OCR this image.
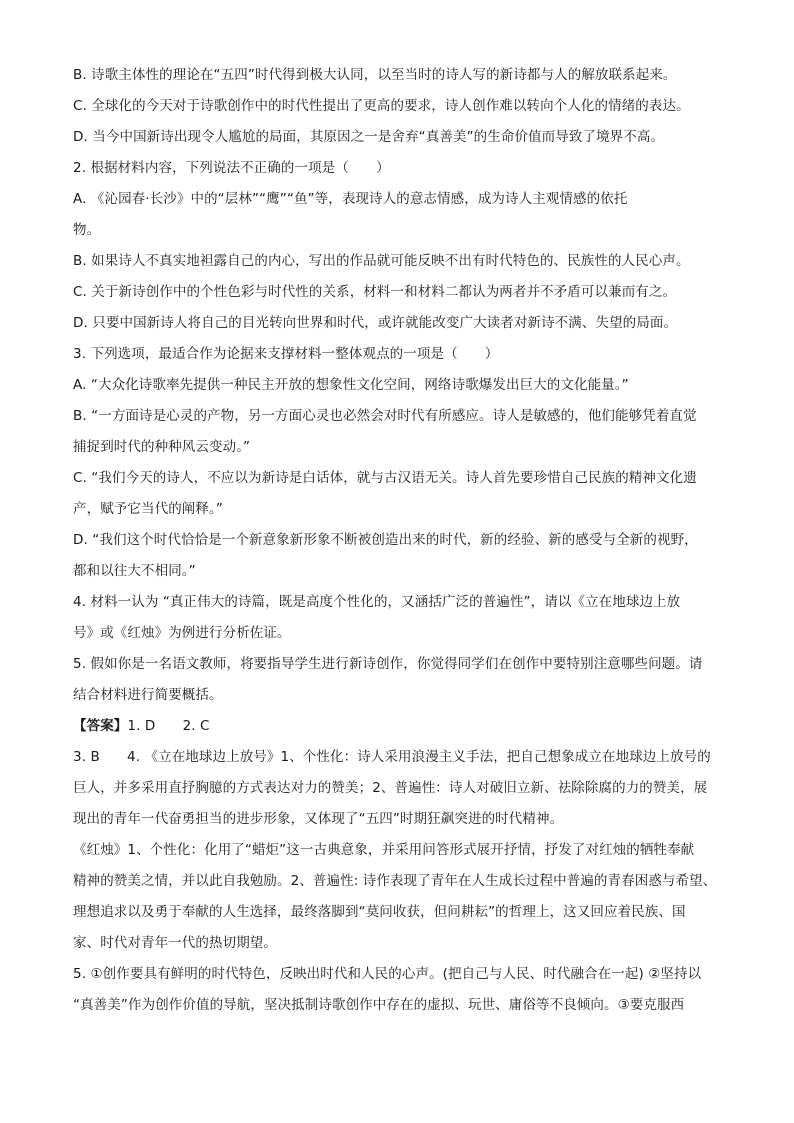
B. 诗歌主体性的理论在“五四”时代得到极大认同，以至当时的诗人写的新诗都与人的解放联系起来。
C. 全球化的今天对于诗歌创作中的时代性提出了更高的要求，诗人创作难以转向个人化的情绪的表达。
D. 当今中国新诗出现令人尴尬的局面，其原因之一是舍弃“真善美”的生命价值而导致了境界不高。
2. 根据材料内容，下列说法不正确的一项是（　　）
A. 《沁园春·长沙》中的“层林”“鹰”“鱼”等，表现诗人的意志情感，成为诗人主观情感的依托
物。
B. 如果诗人不真实地袒露自己的内心，写出的作品就可能反映不出有时代特色的、民族性的人民心声。
C. 关于新诗创作中的个性色彩与时代性的关系，材料一和材料二都认为两者并不矛盾可以兼而有之。
D. 只要中国新诗人将自己的目光转向世界和时代，或许就能改变广大读者对新诗不满、失望的局面。
3. 下列选项，最适合作为论据来支撑材料一整体观点的一项是（　　）
A. “大众化诗歌率先提供一种民主开放的想象性文化空间，网络诗歌爆发出巨大的文化能量。”
B. “一方面诗是心灵的产物，另一方面心灵也必然会对时代有所感应。诗人是敏感的，他们能够凭着直觉
捕捉到时代的种种风云变动。”
C. “我们今天的诗人，不应以为新诗是白话体，就与古汉语无关。诗人首先要珍惜自己民族的精神文化遗
产，赋予它当代的阐释。”
D. “我们这个时代恰恰是一个新意象新形象不断被创造出来的时代，新的经验、新的感受与全新的视野，
都和以往大不相同。”
4. 材料一认为 “真正伟大的诗篇，既是高度个性化的，又涵括广泛的普遍性”，请以《立在地球边上放
号》或《红烛》为例进行分析佐证。
5. 假如你是一名语文教师，将要指导学生进行新诗创作，你觉得同学们在创作中要特别注意哪些问题。请
结合材料进行简要概括。
【答案】1. D　　2. C
3. B　　4. 《立在地球边上放号》1、个性化：诗人采用浪漫主义手法，把自己想象成立在地球边上放号的
巨人，并多采用直抒胸臆的方式表达对力的赞美；2、普遍性：诗人对破旧立新、祛除除腐的力的赞美，展
现出的青年一代奋勇担当的进步形象，又体现了“五四”时期狂飙突进的时代精神。
《红烛》1、个性化：化用了“蜡炬”这一古典意象，并采用问答形式展开抒情，抒发了对红烛的牺牲奉献
精神的赞美之情，并以此自我勉励。2、普遍性: 诗作表现了青年在人生成长过程中普遍的青春困惑与希望、
理想追求以及勇于奉献的人生选择，最终落脚到“莫问收获，但问耕耘”的哲理上，这又回应着民族、国
家、时代对青年一代的热切期望。
5. ①创作要具有鲜明的时代特色，反映出时代和人民的心声。(把自己与人民、时代融合在一起) ②坚持以
“真善美”作为创作价值的导航，坚决抵制诗歌创作中存在的虚拟、玩世、庸俗等不良倾向。③要克服西
